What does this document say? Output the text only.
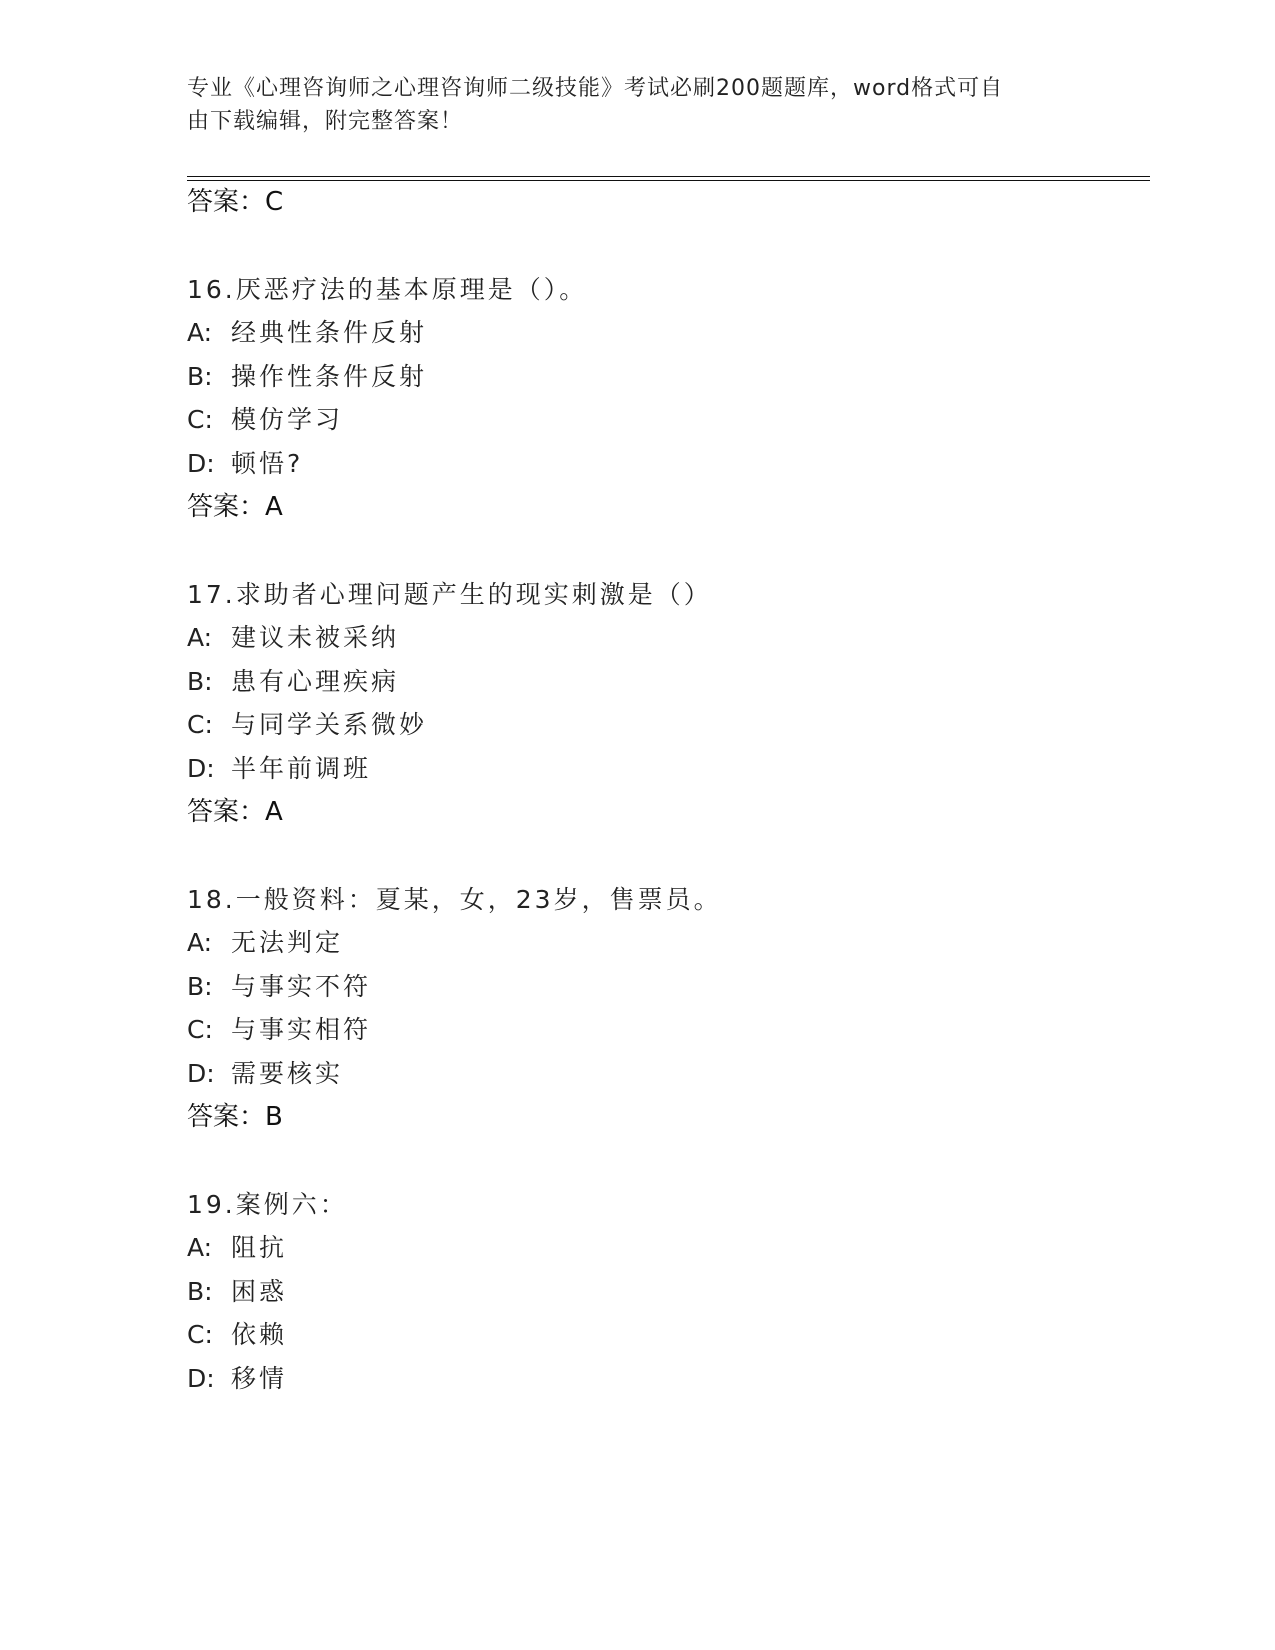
专业《心理咨询师之心理咨询师二级技能》考试必刷200题题库，word格式可自
由下载编辑，附完整答案！
答案：C
16.厌恶疗法的基本原理是（）。
A: 经典性条件反射
B: 操作性条件反射
C: 模仿学习
D: 顿悟?
答案：A
17.求助者心理问题产生的现实刺激是（）
A: 建议未被采纳
B: 患有心理疾病
C: 与同学关系微妙
D: 半年前调班
答案：A
18.一般资料：夏某，女，23岁，售票员。
A: 无法判定
B: 与事实不符
C: 与事实相符
D: 需要核实
答案：B
19.案例六：
A: 阻抗
B: 困惑
C: 依赖
D: 移情
